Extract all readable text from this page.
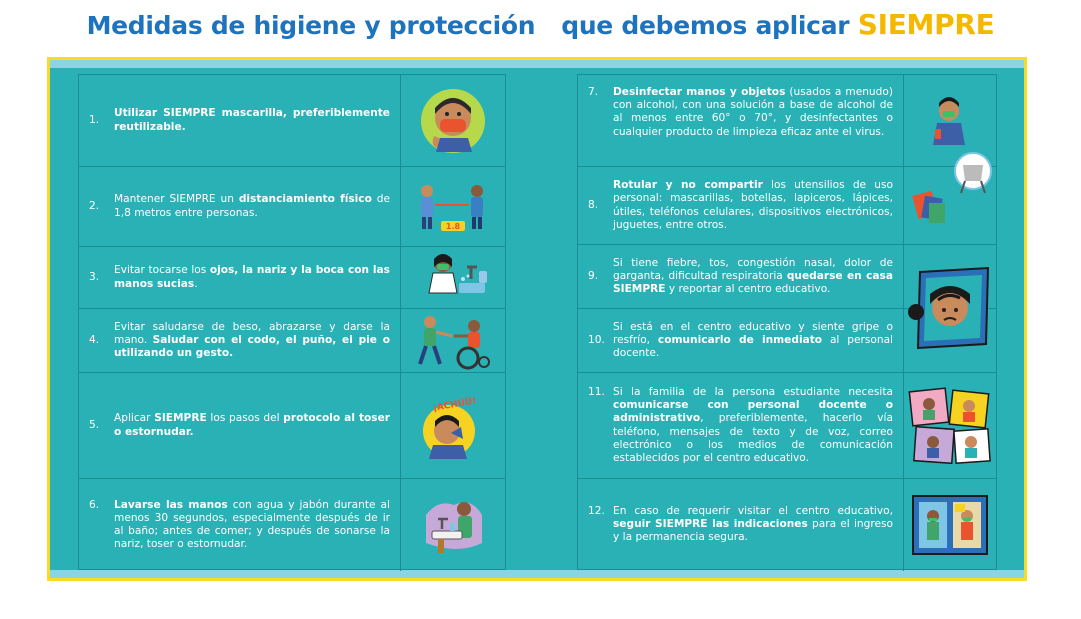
Medidas de higiene y protección que debemos aplicar SIEMPRE
1.
Utilizar SIEMPRE mascarilla, preferiblemente reutilizable.
2.
Mantener SIEMPRE un distanciamiento físico de 1,8 metros entre personas.
1.8
3.
Evitar tocarse los ojos, la nariz y la boca con las manos sucias.
4.
Evitar saludarse de beso, abrazarse y darse la mano. Saludar con el codo, el puño, el pie o utilizando un gesto.
5.
Aplicar SIEMPRE los pasos del protocolo al toser o estornudar.
¡ACHÚÚ!
6.	Lavarse las manos con agua y jabón durante al menos 30 segundos, especialmente después de ir al baño; antes de comer; y después de sonarse la nariz, toser o estornudar.
7.	Desinfectar manos y objetos (usados a menudo) con alcohol, con una solución a base de alcohol de al menos entre 60° o 70°, y desinfectantes o cualquier producto de limpieza eficaz ante el virus.
8.
Rotular y no compartir los utensilios de uso personal: mascarillas, botellas, lapiceros, lápices, útiles, teléfonos celulares, dispositivos electrónicos, juguetes, entre otros.
9.
Si tiene fiebre, tos, congestión nasal, dolor de garganta, dificultad respiratoria quedarse en casa SIEMPRE y reportar al centro educativo.
10.
Si está en el centro educativo y siente gripe o resfrío, comunicarlo de inmediato al personal docente.
11. Si la familia de la persona estudiante necesita comunicarse con personal docente o administrativo, preferiblemente, hacerlo vía teléfono, mensajes de texto y de voz, correo electrónico o los medios de comunicación establecidos por el centro educativo.
12. En caso de requerir visitar el centro educativo, seguir SIEMPRE las indicaciones para el ingreso y la permanencia segura.
